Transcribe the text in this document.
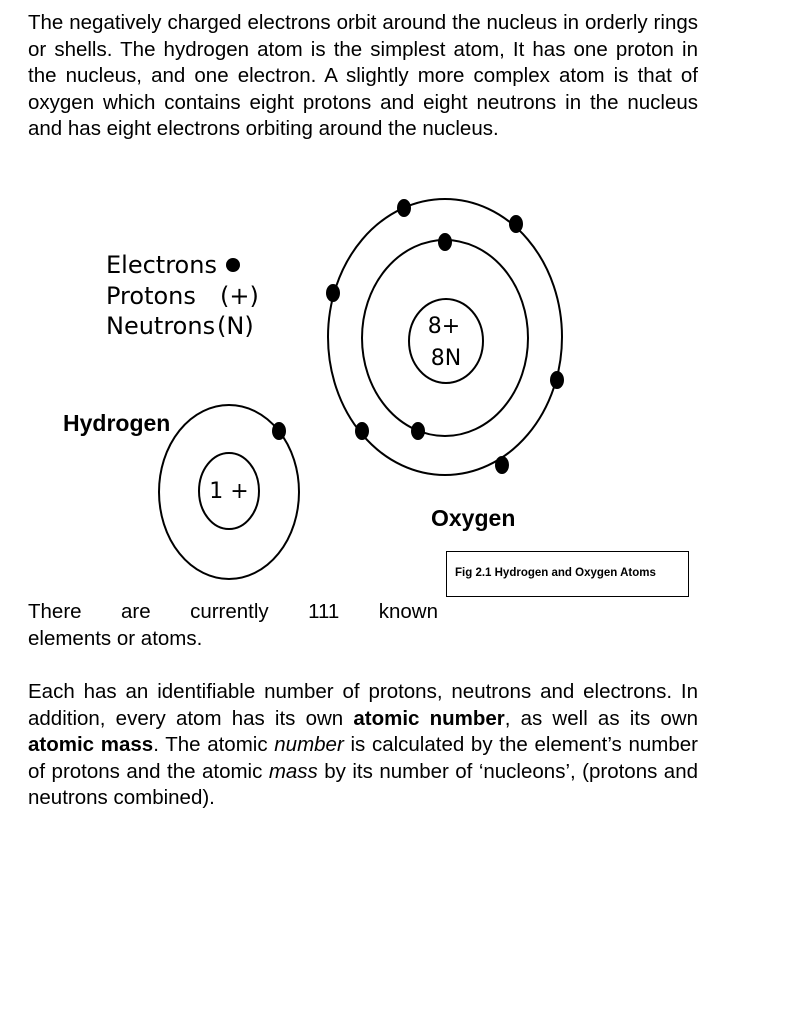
The negatively charged electrons orbit around the nucleus in orderly rings or shells. The hydrogen atom is the simplest atom, It has one proton in the nucleus, and one electron. A slightly more complex atom is that of oxygen which contains eight protons and eight neutrons in the nucleus and has eight electrons orbiting around the nucleus.

Electrons
Protons (+)
Neutrons (N)
Hydrogen
1 +
8+
8N
Oxygen
Fig 2.1 Hydrogen and Oxygen Atoms
There are currently 111 known
elements or atoms.

Each has an identifiable number of protons, neutrons and electrons. In addition, every atom has its own atomic number, as well as its own atomic mass. The atomic number is calculated by the element’s number of protons and the atomic mass by its number of ‘nucleons’, (protons and neutrons combined).
